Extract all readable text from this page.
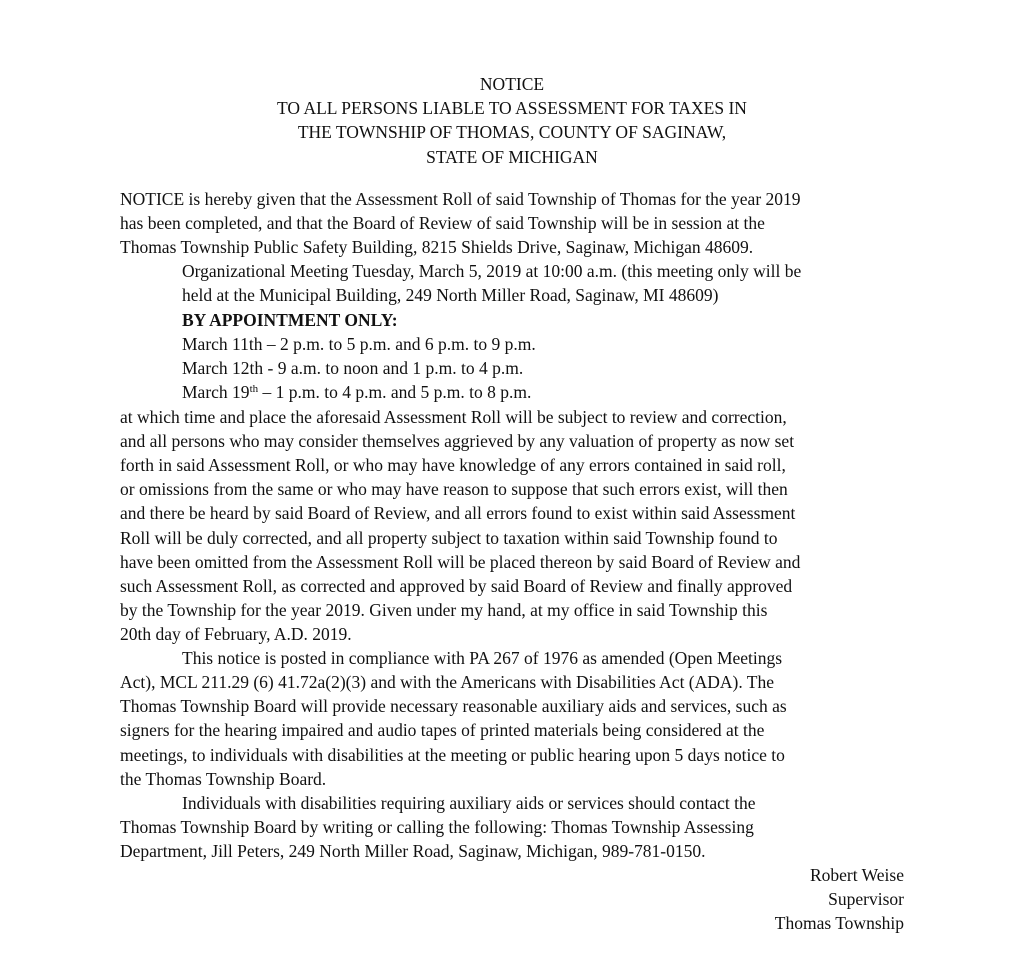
NOTICE
TO ALL PERSONS LIABLE TO ASSESSMENT FOR TAXES IN
THE TOWNSHIP OF THOMAS, COUNTY OF SAGINAW,
STATE OF MICHIGAN
NOTICE is hereby given that the Assessment Roll of said Township of Thomas for the year 2019
has been completed, and that the Board of Review of said Township will be in session at the
Thomas Township Public Safety Building, 8215 Shields Drive, Saginaw, Michigan 48609.
Organizational Meeting Tuesday, March 5, 2019 at 10:00 a.m. (this meeting only will be
held at the Municipal Building, 249 North Miller Road, Saginaw, MI 48609)
BY APPOINTMENT ONLY:
March 11th – 2 p.m. to 5 p.m. and 6 p.m. to 9 p.m.
March 12th - 9 a.m. to noon and 1 p.m. to 4 p.m.
March 19th – 1 p.m. to 4 p.m. and 5 p.m. to 8 p.m.
at which time and place the aforesaid Assessment Roll will be subject to review and correction,
and all persons who may consider themselves aggrieved by any valuation of property as now set
forth in said Assessment Roll, or who may have knowledge of any errors contained in said roll,
or omissions from the same or who may have reason to suppose that such errors exist, will then
and there be heard by said Board of Review, and all errors found to exist within said Assessment
Roll will be duly corrected, and all property subject to taxation within said Township found to
have been omitted from the Assessment Roll will be placed thereon by said Board of Review and
such Assessment Roll, as corrected and approved by said Board of Review and finally approved
by the Township for the year 2019. Given under my hand, at my office in said Township this
20th day of February, A.D. 2019.
This notice is posted in compliance with PA 267 of 1976 as amended (Open Meetings
Act), MCL 211.29 (6) 41.72a(2)(3) and with the Americans with Disabilities Act (ADA). The
Thomas Township Board will provide necessary reasonable auxiliary aids and services, such as
signers for the hearing impaired and audio tapes of printed materials being considered at the
meetings, to individuals with disabilities at the meeting or public hearing upon 5 days notice to
the Thomas Township Board.
Individuals with disabilities requiring auxiliary aids or services should contact the
Thomas Township Board by writing or calling the following: Thomas Township Assessing
Department, Jill Peters, 249 North Miller Road, Saginaw, Michigan, 989-781-0150.
Robert Weise
Supervisor
Thomas Township
